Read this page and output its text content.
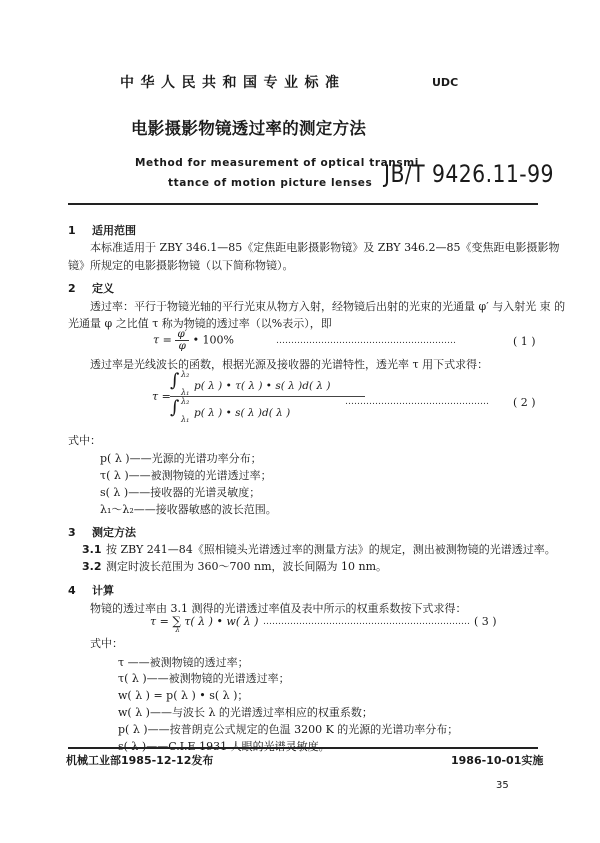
中华人民共和国专业标准	UDC
电影摄影物镜透过率的测定方法
Method for measurement of optical transmi
ttance of motion picture lenses JB/T 9426.11-99
1 适用范围
本标准适用于 ZBY 346.1—85《定焦距电影摄影物镜》及 ZBY 346.2—85《变焦距电影摄影物
镜》所规定的电影摄影物镜（以下简称物镜）。
2 定义
透过率：平行于物镜光轴的平行光束从物方入射，经物镜后出射的光束的光通量 φ′ 与入射光 束 的
光通量 φ 之比值 τ 称为物镜的透过率（以%表示），即
$\tau = \frac{\varphi'}{\varphi}$ • 100%	……………………………………………………	( 1 )
透过率是光线波长的函数，根据光源及接收器的光谱特性，透光率 τ 用下式求得：
τ = ∫ λ₂
λ₁
p( λ ) • τ( λ ) • s( λ )d( λ )
∫ λ₂
λ₁
p( λ ) • s( λ )d( λ )
………………………………………… ( 2 )
式中：
p( λ )——光源的光谱功率分布；
τ( λ )——被测物镜的光谱透过率；
s( λ )——接收器的光谱灵敏度；
λ₁～λ₂——接收器敏感的波长范围。
3 测定方法
3.1 按 ZBY 241—84《照相镜头光谱透过率的测量方法》的规定，测出被测物镜的光谱透过率。
3.2 测定时波长范围为 360～700 nm，波长间隔为 10 nm。
4 计算
物镜的透过率由 3.1 测得的光谱透过率值及表中所示的权重系数按下式求得：
τ = ∑
λ
τ( λ ) • w( λ ) …………………………………………………………… ( 3 )
式中：
τ ——被测物镜的透过率；
τ( λ )——被测物镜的光谱透过率；
w( λ ) = p( λ ) • s( λ )；
w( λ )——与波长 λ 的光谱透过率相应的权重系数；
p( λ )——按普朗克公式规定的色温 3200 K 的光源的光谱功率分布；
机械工业部1985-12-12发布	1986-10-01实施
35
